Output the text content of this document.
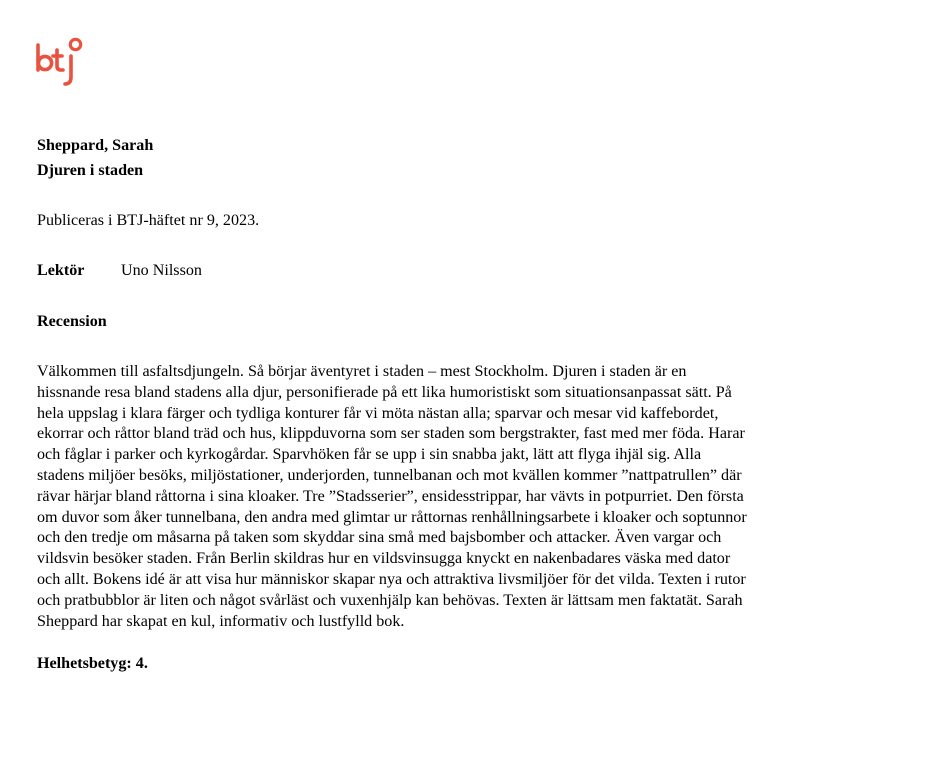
Sheppard, Sarah
Djuren i staden
Publiceras i BTJ-häftet nr 9, 2023.
Lektör Uno Nilsson
Recension

Välkommen till asfaltsdjungeln. Så börjar äventyret i staden – mest Stockholm. Djuren i staden är en
hissnande resa bland stadens alla djur, personifierade på ett lika humoristiskt som situationsanpassat sätt. På
hela uppslag i klara färger och tydliga konturer får vi möta nästan alla; sparvar och mesar vid kaffebordet,
ekorrar och råttor bland träd och hus, klippduvorna som ser staden som bergstrakter, fast med mer föda. Harar
och fåglar i parker och kyrkogårdar. Sparvhöken får se upp i sin snabba jakt, lätt att flyga ihjäl sig. Alla
stadens miljöer besöks, miljöstationer, underjorden, tunnelbanan och mot kvällen kommer ”nattpatrullen” där
rävar härjar bland råttorna i sina kloaker. Tre ”Stadsserier”, ensidesstrippar, har vävts in potpurriet. Den första
om duvor som åker tunnelbana, den andra med glimtar ur råttornas renhållningsarbete i kloaker och soptunnor
och den tredje om måsarna på taken som skyddar sina små med bajsbomber och attacker. Även vargar och
vildsvin besöker staden. Från Berlin skildras hur en vildsvinsugga knyckt en nakenbadares väska med dator
och allt. Bokens idé är att visa hur människor skapar nya och attraktiva livsmiljöer för det vilda. Texten i rutor
och pratbubblor är liten och något svårläst och vuxenhjälp kan behövas. Texten är lättsam men faktatät. Sarah
Sheppard har skapat en kul, informativ och lustfylld bok.

Helhetsbetyg: 4.
